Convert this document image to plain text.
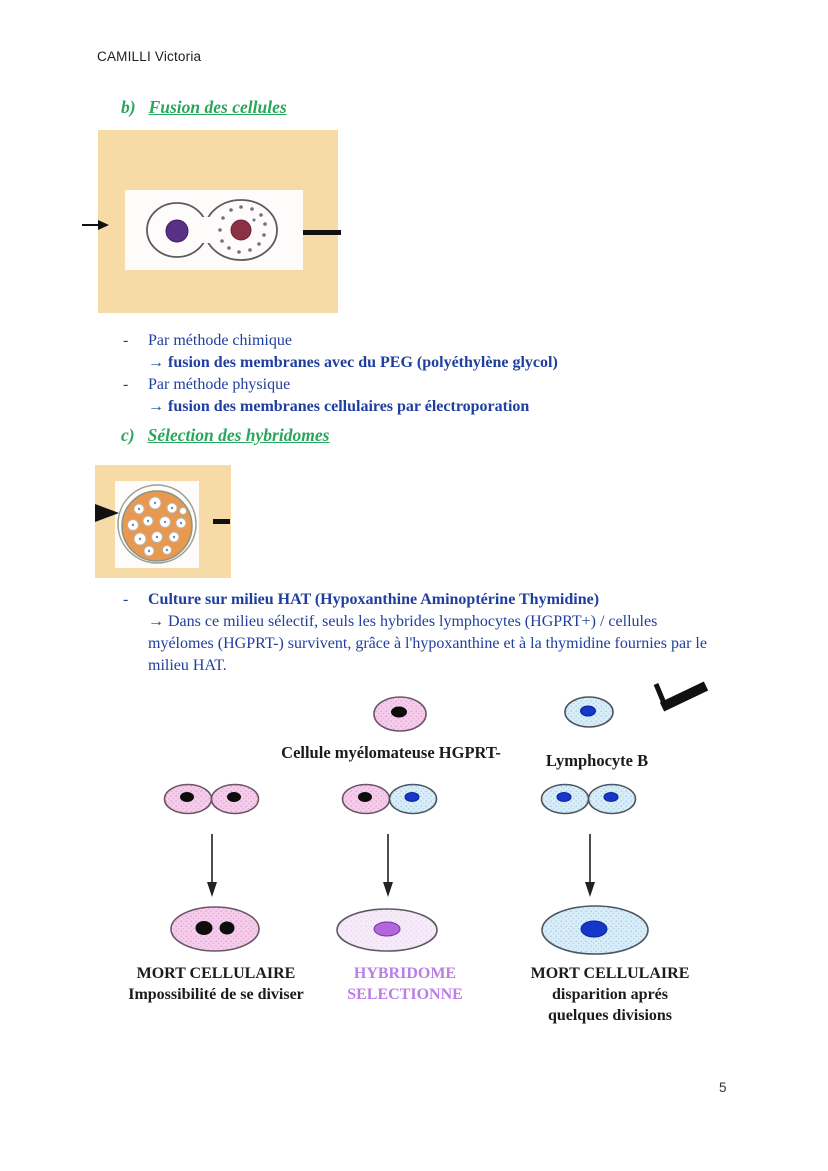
CAMILLI Victoria
b) Fusion des cellules
-	Par méthode chimique
→ fusion des membranes avec du PEG (polyéthylène glycol)
-	Par méthode physique
→ fusion des membranes cellulaires par électroporation
c) Sélection des hybridomes
-	Culture sur milieu HAT (Hypoxanthine Aminoptérine Thymidine)
→ Dans ce milieu sélectif, seuls les hybrides lymphocytes (HGPRT+) / cellules myélomes (HGPRT-) survivent, grâce à l'hypoxanthine et à la thymidine fournies par le milieu HAT.
Cellule myélomateuse HGPRT-	Lymphocyte B
MORT CELLULAIRE
Impossibilité de se diviser
HYBRIDOME
SELECTIONNE
MORT CELLULAIRE
disparition aprés
quelques divisions
5
